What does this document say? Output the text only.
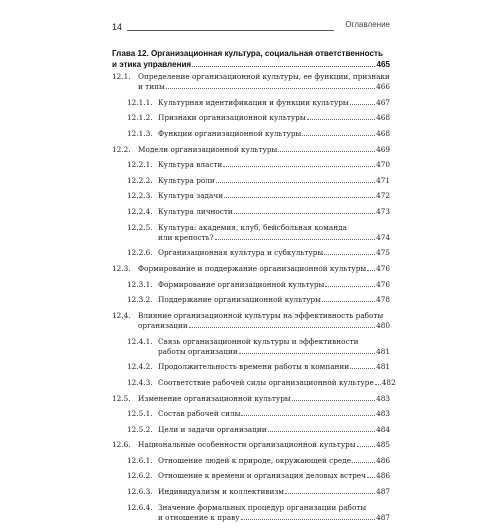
14	Оглавление
Глава 12. Организационная культура, социальная ответственность
и этика управления	465
12.1. Определение организационной культуры, ее функции, признаки
и типы	466
12.1.1. Культурная идентификация и функции культуры	467
12.1.2. Признаки организационной культуры	468
12.1.3. Функции организационной культуры	468
12.2. Модели организационной культуры	469
12.2.1. Культура власти	470
12.2.2. Культура роли	471
12.2.3. Культура задачи	472
12.2.4. Культура личности	473
12.2.5. Культура: академия, клуб, бейсбольная команда
или крепость?	474
12.2.6. Организационная культура и субкультуры	475
12.3. Формирование и поддержание организационной культуры 476
12.3.1. Формирование организационной культуры	476
12.3.2. Поддержание организационной культуры	478
12.4. Влияние организационной культуры на эффективность работы
организации	480
12.4.1. Связь организационной культуры и эффективности
работы организации	481
12.4.2. Продолжительность времени работы в компании	481
12.4.3. Соответствие рабочей силы организационной культуре 482
12.5. Изменение организационной культуры	483
12.5.1. Состав рабочей силы	483
12.5.2. Цели и задачи организации	484
12.6. Национальные особенности организационной культуры	485
12.6.1. Отношение людей к природе, окружающей среде	486
12.6.2. Отношение к времени и организация деловых встреч 486
12.6.3. Индивидуализм и коллективизм	487
12.6.4. Значение формальных процедур организации работы
и отношение к праву	487
